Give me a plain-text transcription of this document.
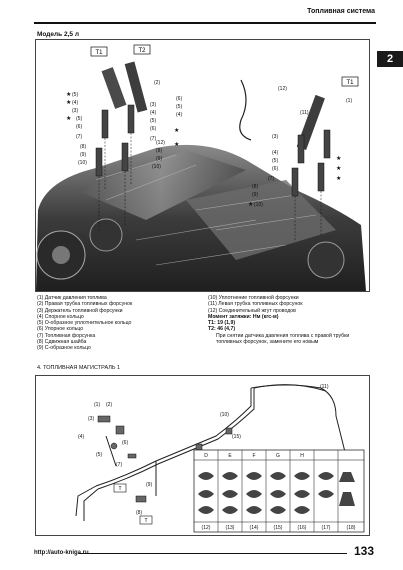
Топливная система
2
Модель 2,5 л
T1	T2
T1
(5)
(4)
(3)
(5)
(6)
(7)
(8)
(9)
(10)
(3)
(4)
(5)
(6)
(7)
(8)
(9)
(10)
(12)
(2)
(12)
(6)
(5)
(4)
(1)
(11)
(3)
(4)
(5)
(6)
(7)
(8)
(9)
(10)
★
★
★
★
★
★
★
★
★
(1) Датчик давления топлива
(2) Правая трубка топливных форсунок
(3) Держатель топливной форсунки
(4) Спорное кольцо
(5) О-образное уплотнительное кольцо
(6) Упорное кольцо
(7) Топливная форсунка
(8) Сдвижная шайба
(9) С-образное кольцо
(10) Уплотнение топливной форсунки
(11) Левая трубка топливных форсунок
(12) Соединительный жгут проводов
Момент затяжки: Нм (кгс-м)
T1: 19 (1,9)
T2: 46 (4,7)
При снятии датчика давления топлива с правой трубки топливных форсунок, замените его новым
4. ТОПЛИВНАЯ МАГИСТРАЛЬ 1
(1) (2)
(3)
(4)
(5)
(6)
(7)
(8)
(9)
(10)
(11)
(15)
T
T
D	E	F	G	H
(12)	(13)	(14)	(15)	(16)	(17)	(18)
http://auto-kniga.ru	133
